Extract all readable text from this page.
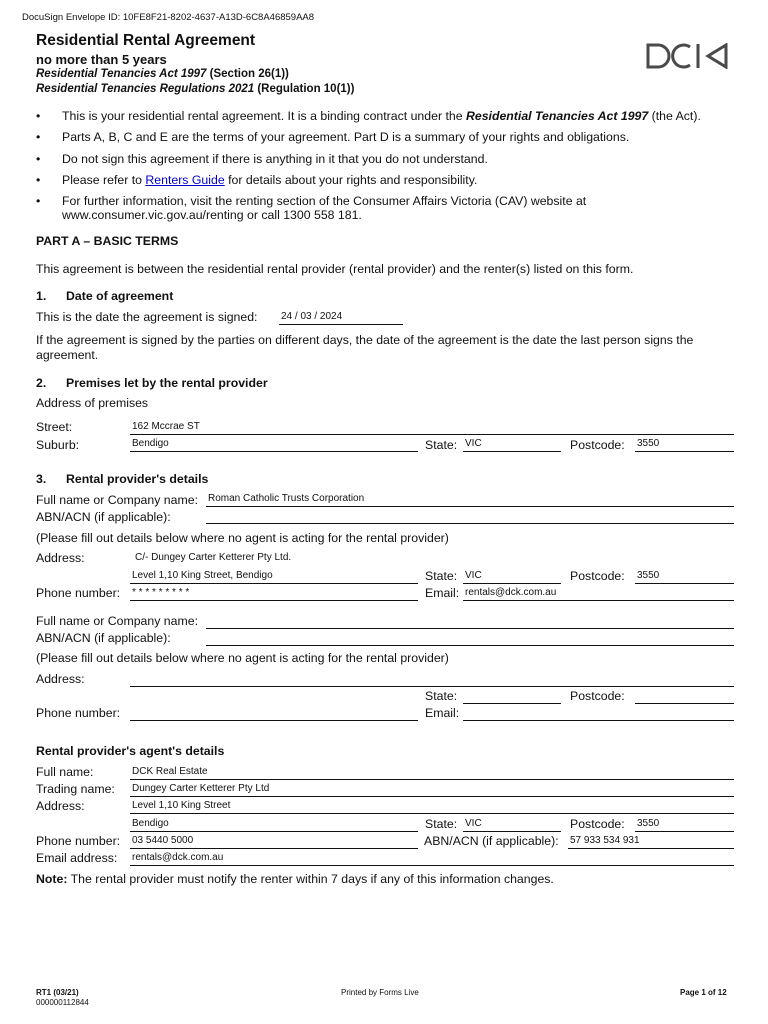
DocuSign Envelope ID: 10FE8F21-8202-4637-A13D-6C8A46859AA8
Residential Rental Agreement
no more than 5 years
Residential Tenancies Act 1997 (Section 26(1))
Residential Tenancies Regulations 2021 (Regulation 10(1))
• This is your residential rental agreement. It is a binding contract under the Residential Tenancies Act 1997 (the Act).
• Parts A, B, C and E are the terms of your agreement. Part D is a summary of your rights and obligations.
• Do not sign this agreement if there is anything in it that you do not understand.
• Please refer to Renters Guide for details about your rights and responsibility.
• For further information, visit the renting section of the Consumer Affairs Victoria (CAV) website at www.consumer.vic.gov.au/renting or call 1300 558 181.
PART A – BASIC TERMS
This agreement is between the residential rental provider (rental provider) and the renter(s) listed on this form.
1. Date of agreement
This is the date the agreement is signed: 24 / 03 / 2024
If the agreement is signed by the parties on different days, the date of the agreement is the date the last person signs the agreement.
2. Premises let by the rental provider
Address of premises
Street:	162 Mccrae ST
Suburb:	Bendigo	State: VIC	Postcode: 3550
3. Rental provider's details
Full name or Company name: Roman Catholic Trusts Corporation
ABN/ACN (if applicable):
(Please fill out details below where no agent is acting for the rental provider)
Address:	C/- Dungey Carter Ketterer Pty Ltd.
Level 1,10 King Street, Bendigo	State: VIC	Postcode: 3550
Phone number: * * * * * * * * *	Email: rentals@dck.com.au
Full name or Company name:
ABN/ACN (if applicable):
(Please fill out details below where no agent is acting for the rental provider)
Address:
State:	Postcode:
Phone number:	Email:
Rental provider's agent's details
Full name:	DCK Real Estate
Trading name: Dungey Carter Ketterer Pty Ltd
Address:	Level 1,10 King Street
Bendigo	State: VIC	Postcode: 3550
Phone number: 03 5440 5000	ABN/ACN (if applicable): 57 933 534 931
Email address: rentals@dck.com.au
Note: The rental provider must notify the renter within 7 days if any of this information changes.
RT1 (03/21)
000000112844
Printed by Forms Live	Page 1 of 12
